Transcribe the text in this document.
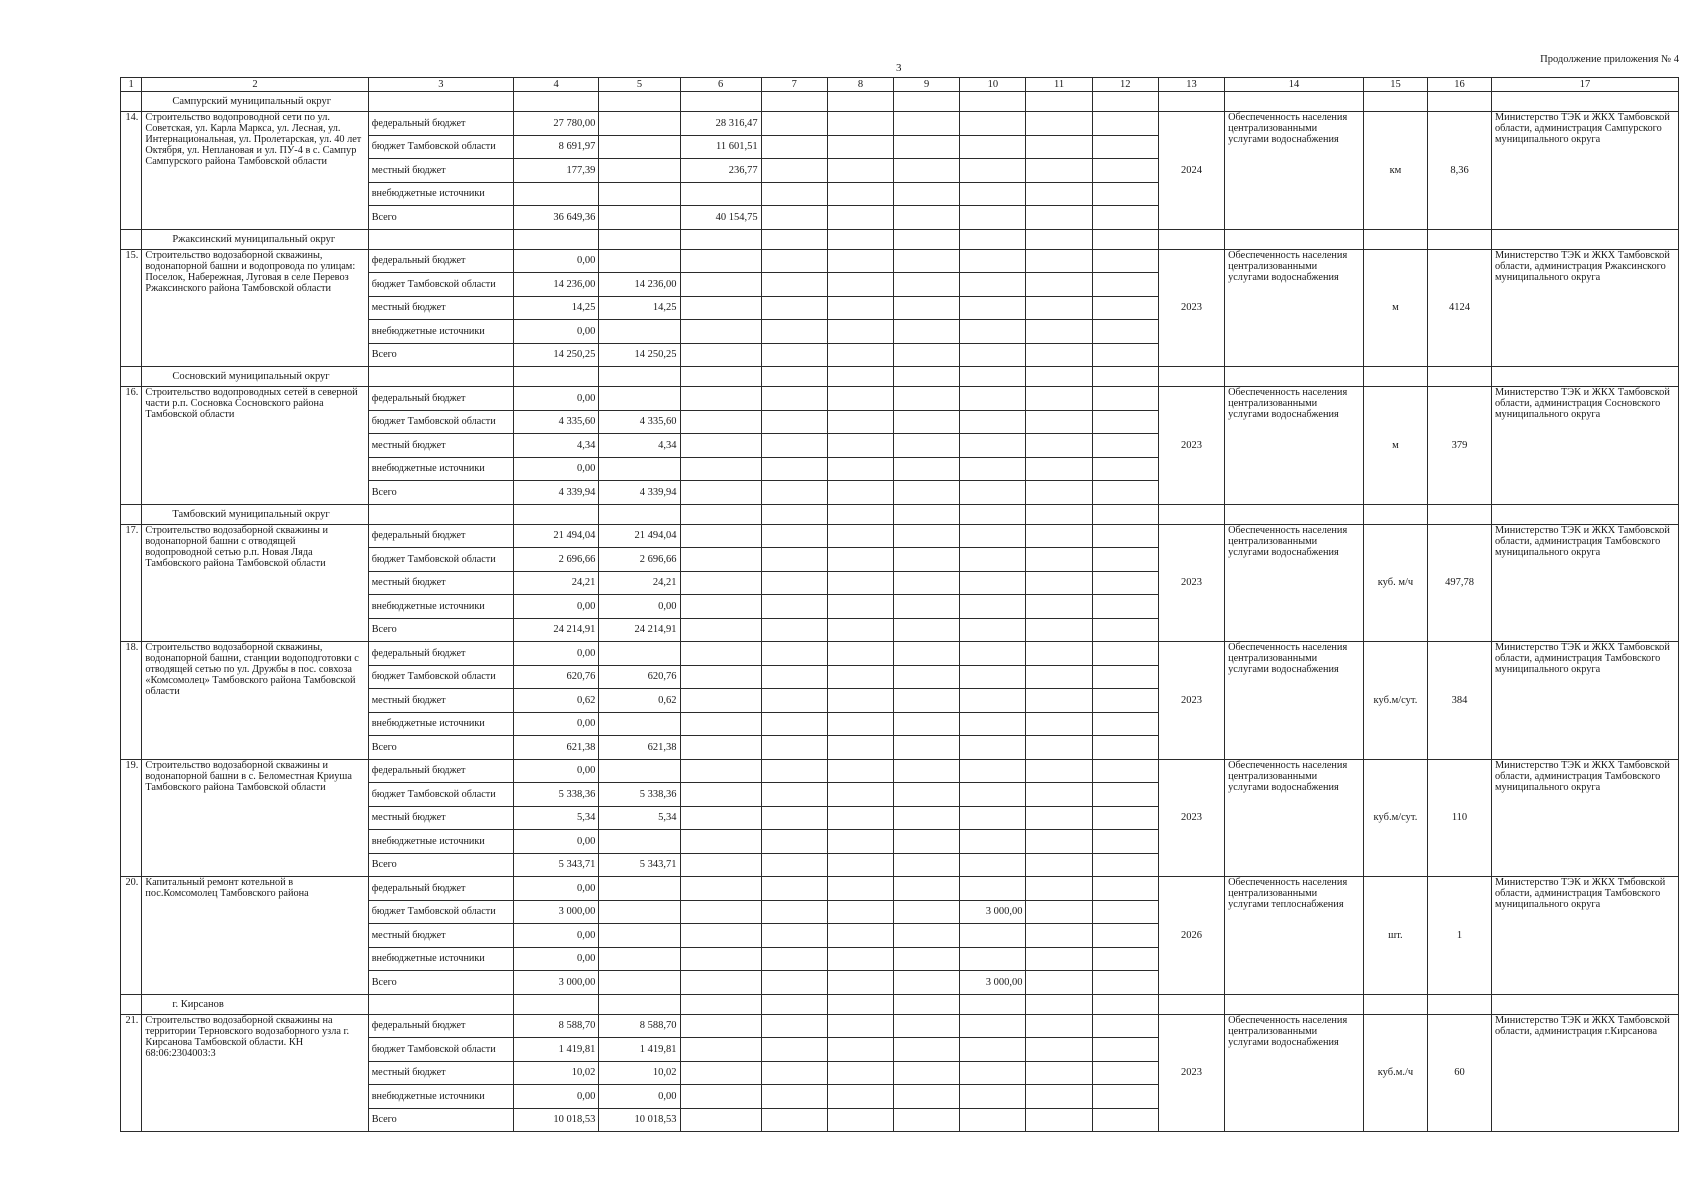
3
Продолжение приложения № 4
1	2	3	4	5	6	7	8	9	10	11	12	13	14	15	16	17
	Сампурский муниципальный округ															
14.	Строительство водопроводной сети по ул. Советская, ул. Карла Маркса, ул. Лесная, ул. Интернациональная, ул. Пролетарская, ул. 40 лет Октября, ул. Неплановая и ул. ПУ-4 в с. Сампур Сампурского района Тамбовской области	федеральный бюджет	27 780,00		28 316,47							2024	Обеспеченность населения централизованными услугами водоснабжения	км	8,36	Министерство ТЭК и ЖКХ Тамбовской области, администрация Сампурского муниципального округа
		бюджет Тамбовской области	8 691,97		11 601,51											
		местный бюджет	177,39		236,77											
		внебюджетные источники														
		Всего	36 649,36		40 154,75											
	Ржаксинский муниципальный округ															
15.	Строительство водозаборной скважины, водонапорной башни и водопровода по улицам: Поселок, Набережная, Луговая в селе Перевоз Ржаксинского района Тамбовской области	федеральный бюджет	0,00									2023	Обеспеченность населения централизованными услугами водоснабжения	м	4124	Министерство ТЭК и ЖКХ Тамбовской области, администрация Ржаксинского муниципального округа
		бюджет Тамбовской области	14 236,00	14 236,00												
		местный бюджет	14,25	14,25												
		внебюджетные источники	0,00													
		Всего	14 250,25	14 250,25												
	Сосновский муниципальный округ															
16.	Строительство водопроводных сетей в северной части р.п. Сосновка Сосновского района Тамбовской области	федеральный бюджет	0,00									2023	Обеспеченность населения централизованными услугами водоснабжения	м	379	Министерство ТЭК и ЖКХ Тамбовской области, администрация Сосновского муниципального округа
		бюджет Тамбовской области	4 335,60	4 335,60												
		местный бюджет	4,34	4,34												
		внебюджетные источники	0,00													
		Всего	4 339,94	4 339,94												
	Тамбовский муниципальный округ															
17.	Строительство водозаборной скважины и водонапорной башни с отводящей водопроводной сетью р.п. Новая Ляда Тамбовского района Тамбовской области	федеральный бюджет	21 494,04	21 494,04								2023	Обеспеченность населения централизованными услугами водоснабжения	куб. м/ч	497,78	Министерство ТЭК и ЖКХ Тамбовской области, администрация Тамбовского муниципального округа
		бюджет Тамбовской области	2 696,66	2 696,66												
		местный бюджет	24,21	24,21												
		внебюджетные источники	0,00	0,00												
		Всего	24 214,91	24 214,91												
18.	Строительство водозаборной скважины, водонапорной башни, станции водоподготовки с отводящей сетью по ул. Дружбы в пос. совхоза «Комсомолец» Тамбовского района Тамбовской области	федеральный бюджет	0,00									2023	Обеспеченность населения централизованными услугами водоснабжения	куб.м/сут.	384	Министерство ТЭК и ЖКХ Тамбовской области, администрация Тамбовского муниципального округа
		бюджет Тамбовской области	620,76	620,76												
		местный бюджет	0,62	0,62												
		внебюджетные источники	0,00													
		Всего	621,38	621,38												
19.	Строительство водозаборной скважины и водонапорной башни в с. Беломестная Криуша Тамбовского района Тамбовской области	федеральный бюджет	0,00									2023	Обеспеченность населения централизованными услугами водоснабжения	куб.м/сут.	110	Министерство ТЭК и ЖКХ Тамбовской области, администрация Тамбовского муниципального округа
		бюджет Тамбовской области	5 338,36	5 338,36												
		местный бюджет	5,34	5,34												
		внебюджетные источники	0,00													
		Всего	5 343,71	5 343,71												
20.	Капитальный ремонт котельной в пос.Комсомолец Тамбовского района	федеральный бюджет	0,00									2026	Обеспеченность населения централизованными услугами теплоснабжения	шт.	1	Министерство ТЭК и ЖКХ Тмбовской области, администрация Тамбовского муниципального округа
		бюджет Тамбовской области	3 000,00						3 000,00							
		местный бюджет	0,00													
		внебюджетные источники	0,00													
		Всего	3 000,00						3 000,00							
	г. Кирсанов															
21.	Строительство водозаборной скважины на территории Терновского водозаборного узла г. Кирсанова Тамбовской области. КН 68:06:2304003:3	федеральный бюджет	8 588,70	8 588,70								2023	Обеспеченность населения централизованными услугами водоснабжения	куб.м./ч	60	Министерство ТЭК и ЖКХ Тамбовской области, администрация г.Кирсанова
		бюджет Тамбовской области	1 419,81	1 419,81												
		местный бюджет	10,02	10,02												
		внебюджетные источники	0,00	0,00												
		Всего	10 018,53	10 018,53												
